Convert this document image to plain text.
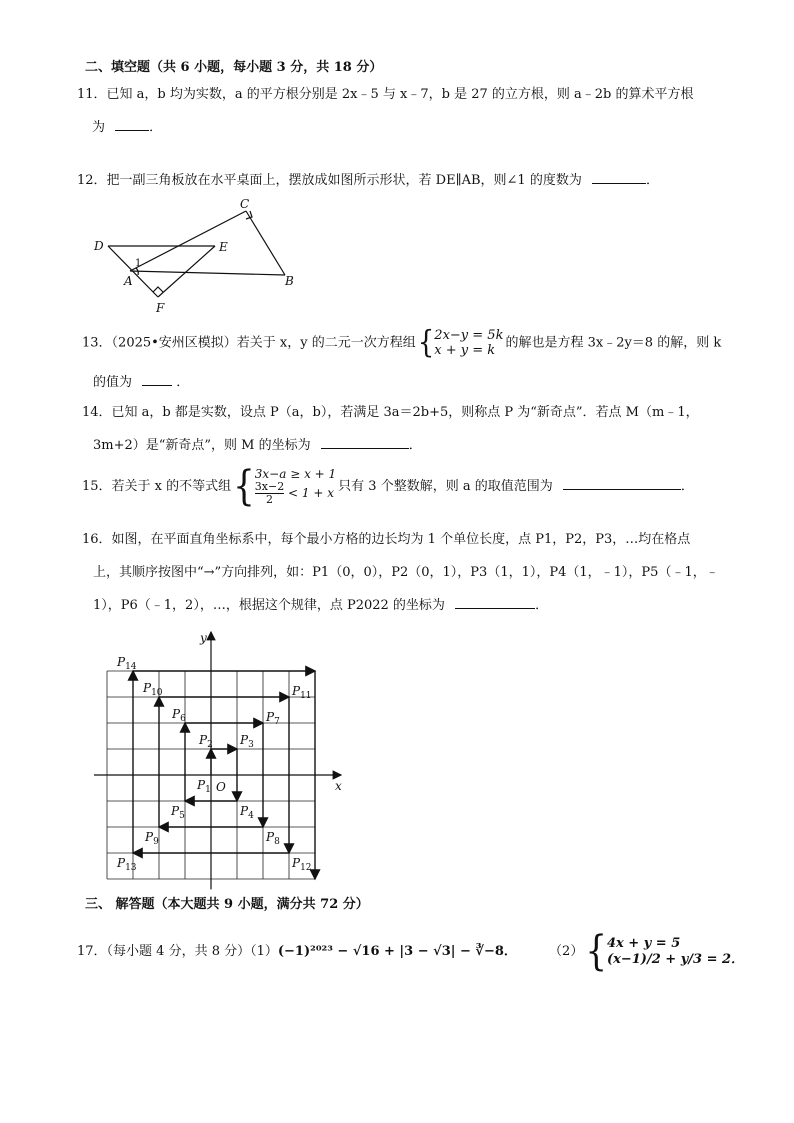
二、填空题（共 6 小题，每小题 3 分，共 18 分）
11．已知 a，b 均为实数，a 的平方根分别是 2x﹣5 与 x﹣7，b 是 27 的立方根，则 a﹣2b 的算术平方根
为	．
12．把一副三角板放在水平桌面上，摆放成如图所示形状，若 DE∥AB，则∠1 的度数为	．
C
D	E
1
A	B
F
13．（2025•安州区模拟）若关于 x，y 的二元一次方程组{2x−y = 5k
x + y = k 的解也是方程 3x﹣2y＝8 的解，则 k
的值为	．
14．已知 a，b 都是实数，设点 P（a，b），若满足 3a＝2b+5，则称点 P 为“新奇点”．若点 M（m﹣1，
3m+2）是“新奇点”，则 M 的坐标为	．
15．若关于 x 的不等式组{3x−a ≥ x + 1

$\frac{3x-2}{2} < 1 + x$ 只有 3 个整数解，则 a 的取值范围为	．
16．如图，在平面直角坐标系中，每个最小方格的边长均为 1 个单位长度，点 P1，P2，P3，…均在格点
上，其顺序按图中“→”方向排列，如：P1（0，0），P2（0，1），P3（1，1），P4（1，﹣1），P5（﹣1，﹣
1），P6（﹣1，2），…，根据这个规律，点 P2022 的坐标为	．
O	x
y
$P_1$
$P_2$ $P_3$
$P_4$
$P_5$
$P_6$	$P_7$
$P_8$
$P_9$
$P_{10}$	$P_{11}$
$P_{12}$
$P_{13}$
$P_{14}$
三、 解答题（本大题共 9 小题，满分共 72 分）
17．（每小题 4 分，共 8 分）（1）(−1)²⁰²³ − √16 + |3 − √3| − ∛−8． （2）{4x + y = 5
(x−1)/2 + y/3 = 2．
